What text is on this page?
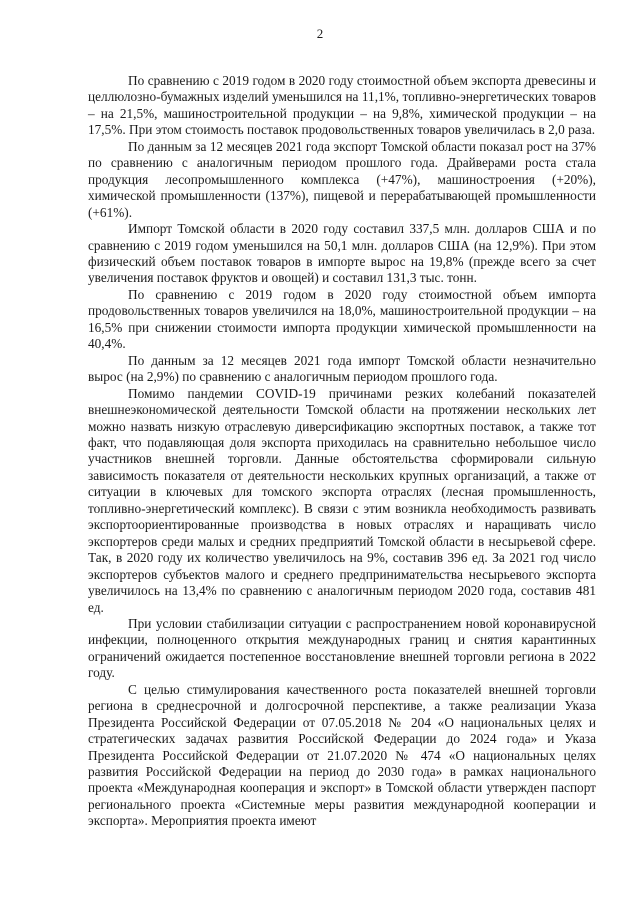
2

По сравнению с 2019 годом в 2020 году стоимостной объем экспорта древесины и целлюлозно-бумажных изделий уменьшился на 11,1%, топливно-энергетических товаров – на 21,5%, машиностроительной продукции – на 9,8%, химической продукции – на 17,5%. При этом стоимость поставок продовольственных товаров увеличилась в 2,0 раза.

По данным за 12 месяцев 2021 года экспорт Томской области показал рост на 37% по сравнению с аналогичным периодом прошлого года. Драйверами роста стала продукция лесопромышленного комплекса (+47%), машиностроения (+20%), химической промышленности (137%), пищевой и перерабатывающей промышленности (+61%).

Импорт Томской области в 2020 году составил 337,5 млн. долларов США и по сравнению с 2019 годом уменьшился на 50,1 млн. долларов США (на 12,9%). При этом физический объем поставок товаров в импорте вырос на 19,8% (прежде всего за счет увеличения поставок фруктов и овощей) и составил 131,3 тыс. тонн.

По сравнению с 2019 годом в 2020 году стоимостной объем импорта продовольственных товаров увеличился на 18,0%, машиностроительной продукции – на 16,5% при снижении стоимости импорта продукции химической промышленности на 40,4%.

По данным за 12 месяцев 2021 года импорт Томской области незначительно вырос (на 2,9%) по сравнению с аналогичным периодом прошлого года.

Помимо пандемии COVID-19 причинами резких колебаний показателей внешнеэкономической деятельности Томской области на протяжении нескольких лет можно назвать низкую отраслевую диверсификацию экспортных поставок, а также тот факт, что подавляющая доля экспорта приходилась на сравнительно небольшое число участников внешней торговли. Данные обстоятельства сформировали сильную зависимость показателя от деятельности нескольких крупных организаций, а также от ситуации в ключевых для томского экспорта отраслях (лесная промышленность, топливно-энергетический комплекс). В связи с этим возникла необходимость развивать экспортоориентированные производства в новых отраслях и наращивать число экспортеров среди малых и средних предприятий Томской области в несырьевой сфере. Так, в 2020 году их количество увеличилось на 9%, составив 396 ед. За 2021 год число экспортеров субъектов малого и среднего предпринимательства несырьевого экспорта увеличилось на 13,4% по сравнению с аналогичным периодом 2020 года, составив 481 ед.

При условии стабилизации ситуации с распространением новой коронавирусной инфекции, полноценного открытия международных границ и снятия карантинных ограничений ожидается постепенное восстановление внешней торговли региона в 2022 году.

С целью стимулирования качественного роста показателей внешней торговли региона в среднесрочной и долгосрочной перспективе, а также реализации Указа Президента Российской Федерации от 07.05.2018 № 204 «О национальных целях и стратегических задачах развития Российской Федерации до 2024 года» и Указа Президента Российской Федерации от 21.07.2020 № 474 «О национальных целях развития Российской Федерации на период до 2030 года» в рамках национального проекта «Международная кооперация и экспорт» в Томской области утвержден паспорт регионального проекта «Системные меры развития международной кооперации и экспорта». Мероприятия проекта имеют
